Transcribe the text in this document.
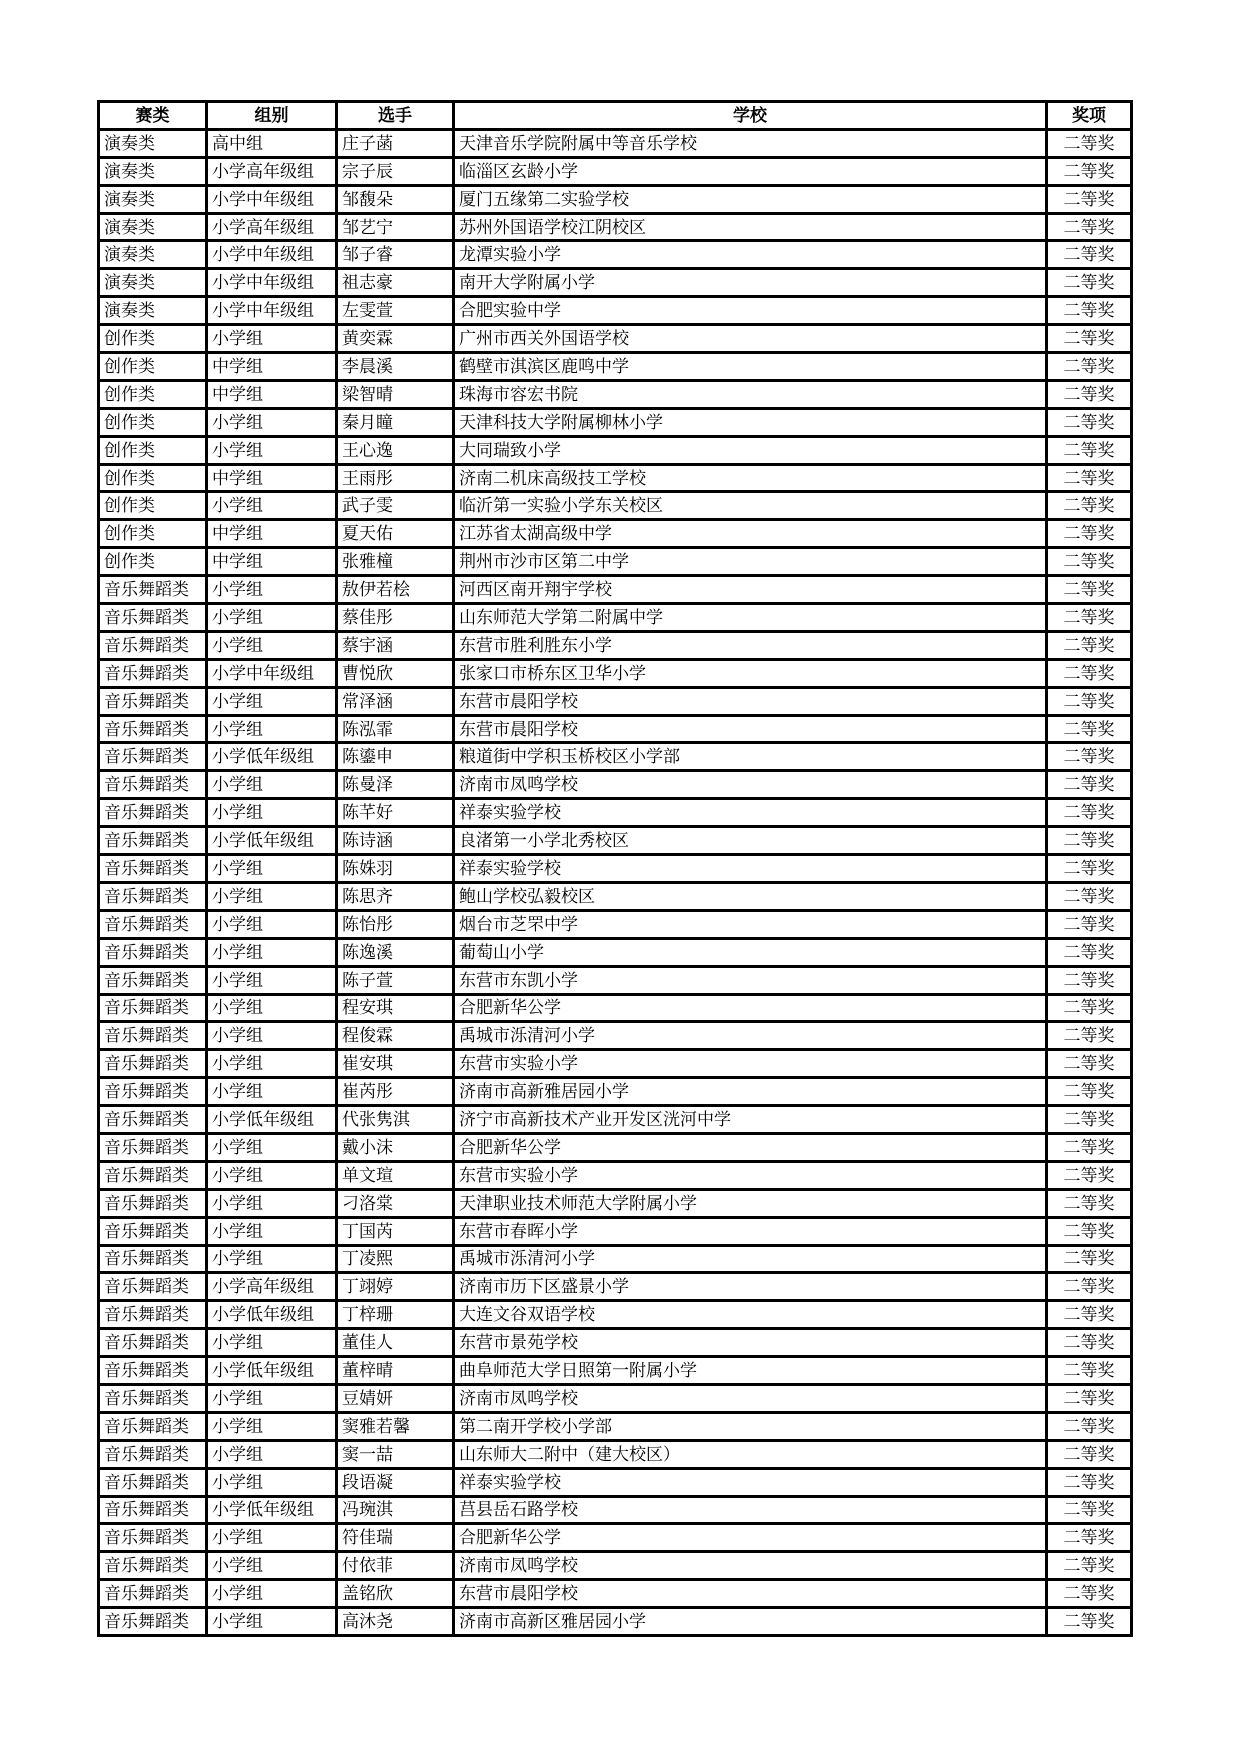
赛类	组别	选手	学校	奖项
演奏类	高中组	庄子菡	天津音乐学院附属中等音乐学校	二等奖
演奏类	小学高年级组	宗子辰	临淄区玄龄小学	二等奖
演奏类	小学中年级组	邹馥朵	厦门五缘第二实验学校	二等奖
演奏类	小学高年级组	邹艺宁	苏州外国语学校江阴校区	二等奖
演奏类	小学中年级组	邹子睿	龙潭实验小学	二等奖
演奏类	小学中年级组	祖志豪	南开大学附属小学	二等奖
演奏类	小学中年级组	左雯萱	合肥实验中学	二等奖
创作类	小学组	黄奕霖	广州市西关外国语学校	二等奖
创作类	中学组	李晨溪	鹤壁市淇滨区鹿鸣中学	二等奖
创作类	中学组	梁智晴	珠海市容宏书院	二等奖
创作类	小学组	秦月瞳	天津科技大学附属柳林小学	二等奖
创作类	小学组	王心逸	大同瑞致小学	二等奖
创作类	中学组	王雨彤	济南二机床高级技工学校	二等奖
创作类	小学组	武子雯	临沂第一实验小学东关校区	二等奖
创作类	中学组	夏天佑	江苏省太湖高级中学	二等奖
创作类	中学组	张雅橦	荆州市沙市区第二中学	二等奖
音乐舞蹈类	小学组	敖伊若桧	河西区南开翔宇学校	二等奖
音乐舞蹈类	小学组	蔡佳彤	山东师范大学第二附属中学	二等奖
音乐舞蹈类	小学组	蔡宇涵	东营市胜利胜东小学	二等奖
音乐舞蹈类	小学中年级组	曹悦欣	张家口市桥东区卫华小学	二等奖
音乐舞蹈类	小学组	常泽涵	东营市晨阳学校	二等奖
音乐舞蹈类	小学组	陈泓霏	东营市晨阳学校	二等奖
音乐舞蹈类	小学低年级组	陈鎏申	粮道街中学积玉桥校区小学部	二等奖
音乐舞蹈类	小学组	陈曼泽	济南市凤鸣学校	二等奖
音乐舞蹈类	小学组	陈芊好	祥泰实验学校	二等奖
音乐舞蹈类	小学低年级组	陈诗涵	良渚第一小学北秀校区	二等奖
音乐舞蹈类	小学组	陈姝羽	祥泰实验学校	二等奖
音乐舞蹈类	小学组	陈思齐	鲍山学校弘毅校区	二等奖
音乐舞蹈类	小学组	陈怡彤	烟台市芝罘中学	二等奖
音乐舞蹈类	小学组	陈逸溪	葡萄山小学	二等奖
音乐舞蹈类	小学组	陈子萱	东营市东凯小学	二等奖
音乐舞蹈类	小学组	程安琪	合肥新华公学	二等奖
音乐舞蹈类	小学组	程俊霖	禹城市泺清河小学	二等奖
音乐舞蹈类	小学组	崔安琪	东营市实验小学	二等奖
音乐舞蹈类	小学组	崔芮彤	济南市高新雅居园小学	二等奖
音乐舞蹈类	小学低年级组	代张隽淇	济宁市高新技术产业开发区洸河中学	二等奖
音乐舞蹈类	小学组	戴小沫	合肥新华公学	二等奖
音乐舞蹈类	小学组	单文瑄	东营市实验小学	二等奖
音乐舞蹈类	小学组	刁洛棠	天津职业技术师范大学附属小学	二等奖
音乐舞蹈类	小学组	丁国芮	东营市春晖小学	二等奖
音乐舞蹈类	小学组	丁凌熙	禹城市泺清河小学	二等奖
音乐舞蹈类	小学高年级组	丁翊婷	济南市历下区盛景小学	二等奖
音乐舞蹈类	小学低年级组	丁梓珊	大连文谷双语学校	二等奖
音乐舞蹈类	小学组	董佳人	东营市景苑学校	二等奖
音乐舞蹈类	小学低年级组	董梓晴	曲阜师范大学日照第一附属小学	二等奖
音乐舞蹈类	小学组	豆婧妍	济南市凤鸣学校	二等奖
音乐舞蹈类	小学组	窦雅若馨	第二南开学校小学部	二等奖
音乐舞蹈类	小学组	窦一喆	山东师大二附中（建大校区）	二等奖
音乐舞蹈类	小学组	段语凝	祥泰实验学校	二等奖
音乐舞蹈类	小学低年级组	冯琬淇	莒县岳石路学校	二等奖
音乐舞蹈类	小学组	符佳瑞	合肥新华公学	二等奖
音乐舞蹈类	小学组	付依菲	济南市凤鸣学校	二等奖
音乐舞蹈类	小学组	盖铭欣	东营市晨阳学校	二等奖
音乐舞蹈类	小学组	高沐尧	济南市高新区雅居园小学	二等奖
